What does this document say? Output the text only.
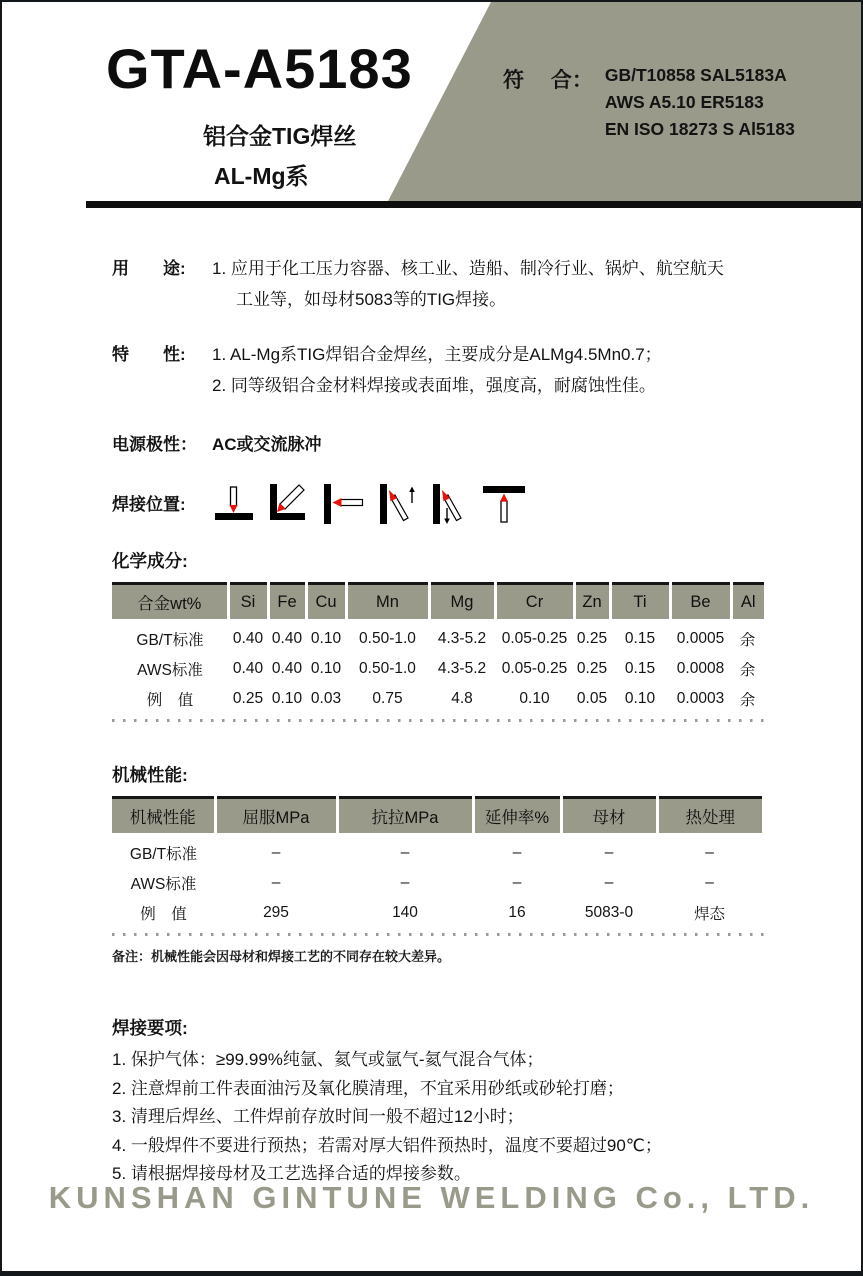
GTA-A5183
铝合金TIG焊丝
AL-Mg系
符　 合： GB/T10858 SAL5183A
AWS A5.10 ER5183
EN ISO 18273 S Al5183
用　　途:	1. 应用于化工压力容器、核工业、造船、制冷行业、锅炉、航空航天
工业等，如母材5083等的TIG焊接。
特　　性:	1. AL-Mg系TIG焊铝合金焊丝，主要成分是ALMg4.5Mn0.7；
2. 同等级铝合金材料焊接或表面堆，强度高，耐腐蚀性佳。
电源极性： AC或交流脉冲
焊接位置:
化学成分:
合金wt%	Si	Fe	Cu	Mn	Mg	Cr	Zn	Ti	Be	Al
GB/T标准	0.40	0.40	0.10	0.50-1.0	4.3-5.2	0.05-0.25	0.25	0.15	0.0005	余
AWS标准	0.40	0.40	0.10	0.50-1.0	4.3-5.2	0.05-0.25	0.25	0.15	0.0008	余
例　值	0.25	0.10	0.03	0.75	4.8	0.10	0.05	0.10	0.0003	余
机械性能:
机械性能	屈服MPa	抗拉MPa	延伸率%	母材	热处理
GB/T标准	–	–	–	–	–
AWS标准	–	–	–	–	–
例　值	295	140	16	5083-0	焊态
备注：机械性能会因母材和焊接工艺的不同存在较大差异。
焊接要项:
1. 保护气体：≥99.99%纯氩、氦气或氩气-氦气混合气体；
2. 注意焊前工件表面油污及氧化膜清理，不宜采用砂纸或砂轮打磨；
3. 清理后焊丝、工件焊前存放时间一般不超过12小时；
4. 一般焊件不要进行预热；若需对厚大铝件预热时，温度不要超过90℃；
5. 请根据焊接母材及工艺选择合适的焊接参数。
KUNSHAN GINTUNE WELDING Co., LTD.
